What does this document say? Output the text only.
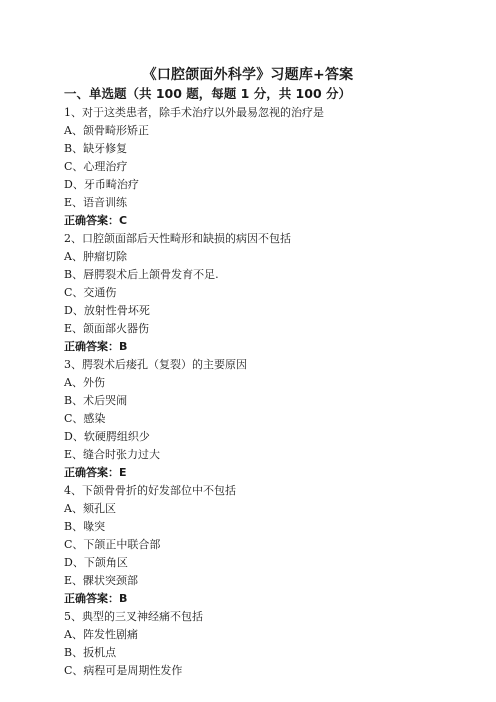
《口腔颌面外科学》习题库+答案
一、单选题（共 100 题，每题 1 分，共 100 分）
1、对于这类患者，除手术治疗以外最易忽视的治疗是
A、颌骨畸形矫正
B、缺牙修复
C、心理治疗
D、牙币畸治疗
E、语音训练
正确答案：C
2、口腔颌面部后天性畸形和缺损的病因不包括
A、肿瘤切除
B、唇腭裂术后上颌骨发育不足.
C、交通伤
D、放射性骨坏死
E、颌面部火器伤
正确答案：B
3、腭裂术后瘘孔（复裂）的主要原因
A、外伤
B、术后哭闹
C、感染
D、软硬腭组织少
E、缝合时张力过大
正确答案：E
4、下颌骨骨折的好发部位中不包括
A、颏孔区
B、喙突
C、下颌正中联合部
D、下颌角区
E、髁状突颈部
正确答案：B
5、典型的三叉神经痛不包括
A、阵发性剧痛
B、扳机点
C、病程可是周期性发作
